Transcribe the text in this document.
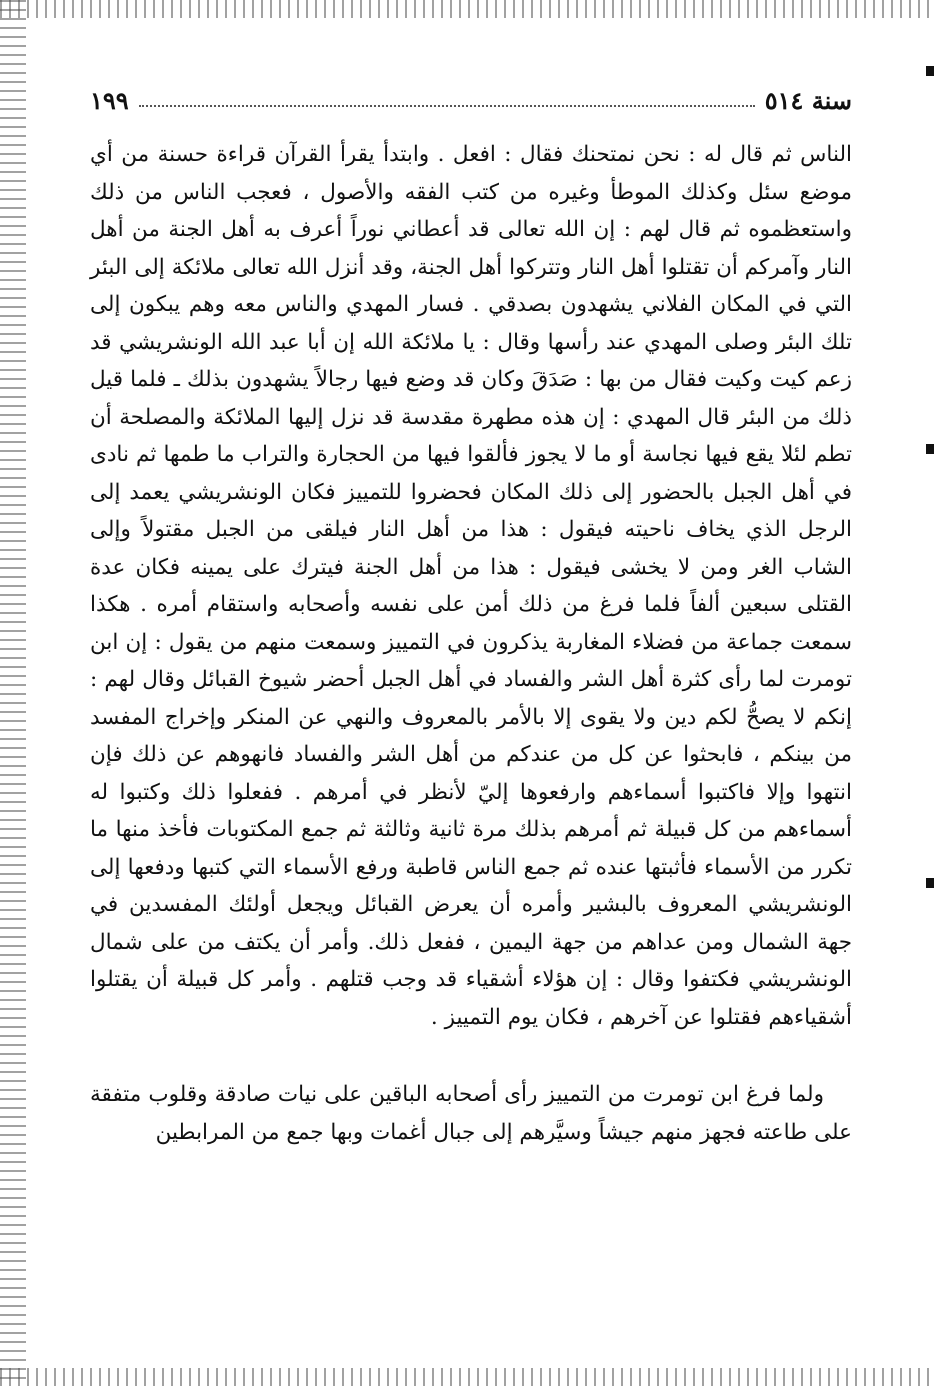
سنة ٥١٤
١٩٩

الناس ثم قال له : نحن نمتحنك فقال : افعل . وابتدأ يقرأ القرآن قراءة حسنة من أي موضع سئل وكذلك الموطأ وغيره من كتب الفقه والأصول ، فعجب الناس من ذلك واستعظموه ثم قال لهم : إن الله تعالى قد أعطاني نوراً أعرف به أهل الجنة من أهل النار وآمركم أن تقتلوا أهل النار وتتركوا أهل الجنة، وقد أنزل الله تعالى ملائكة إلى البئر التي في المكان الفلاني يشهدون بصدقي . فسار المهدي والناس معه وهم يبكون إلى تلك البئر وصلى المهدي عند رأسها وقال : يا ملائكة الله إن أبا عبد الله الونشريشي قد زعم كيت وكيت فقال من بها : صَدَقَ وكان قد وضع فيها رجالاً يشهدون بذلك ـ فلما قيل ذلك من البئر قال المهدي : إن هذه مطهرة مقدسة قد نزل إليها الملائكة والمصلحة أن تطم لئلا يقع فيها نجاسة أو ما لا يجوز فألقوا فيها من الحجارة والتراب ما طمها ثم نادى في أهل الجبل بالحضور إلى ذلك المكان فحضروا للتمييز فكان الونشريشي يعمد إلى الرجل الذي يخاف ناحيته فيقول : هذا من أهل النار فيلقى من الجبل مقتولاً وإلى الشاب الغر ومن لا يخشى فيقول : هذا من أهل الجنة فيترك على يمينه فكان عدة القتلى سبعين ألفاً فلما فرغ من ذلك أمن على نفسه وأصحابه واستقام أمره . هكذا سمعت جماعة من فضلاء المغاربة يذكرون في التمييز وسمعت منهم من يقول : إن ابن تومرت لما رأى كثرة أهل الشر والفساد في أهل الجبل أحضر شيوخ القبائل وقال لهم : إنكم لا يصحُّ لكم دين ولا يقوى إلا بالأمر بالمعروف والنهي عن المنكر وإخراج المفسد من بينكم ، فابحثوا عن كل من عندكم من أهل الشر والفساد فانهوهم عن ذلك فإن انتهوا وإلا فاكتبوا أسماءهم وارفعوها إليّ لأنظر في أمرهم . ففعلوا ذلك وكتبوا له أسماءهم من كل قبيلة ثم أمرهم بذلك مرة ثانية وثالثة ثم جمع المكتوبات فأخذ منها ما تكرر من الأسماء فأثبتها عنده ثم جمع الناس قاطبة ورفع الأسماء التي كتبها ودفعها إلى الونشريشي المعروف بالبشير وأمره أن يعرض القبائل ويجعل أولئك المفسدين في جهة الشمال ومن عداهم من جهة اليمين ، ففعل ذلك. وأمر أن يكتف من على شمال الونشريشي فكتفوا وقال : إن هؤلاء أشقياء قد وجب قتلهم . وأمر كل قبيلة أن يقتلوا أشقياءهم فقتلوا عن آخرهم ، فكان يوم التمييز .

ولما فرغ ابن تومرت من التمييز رأى أصحابه الباقين على نيات صادقة وقلوب متفقة على طاعته فجهز منهم جيشاً وسيَّرهم إلى جبال أغمات وبها جمع من المرابطين
